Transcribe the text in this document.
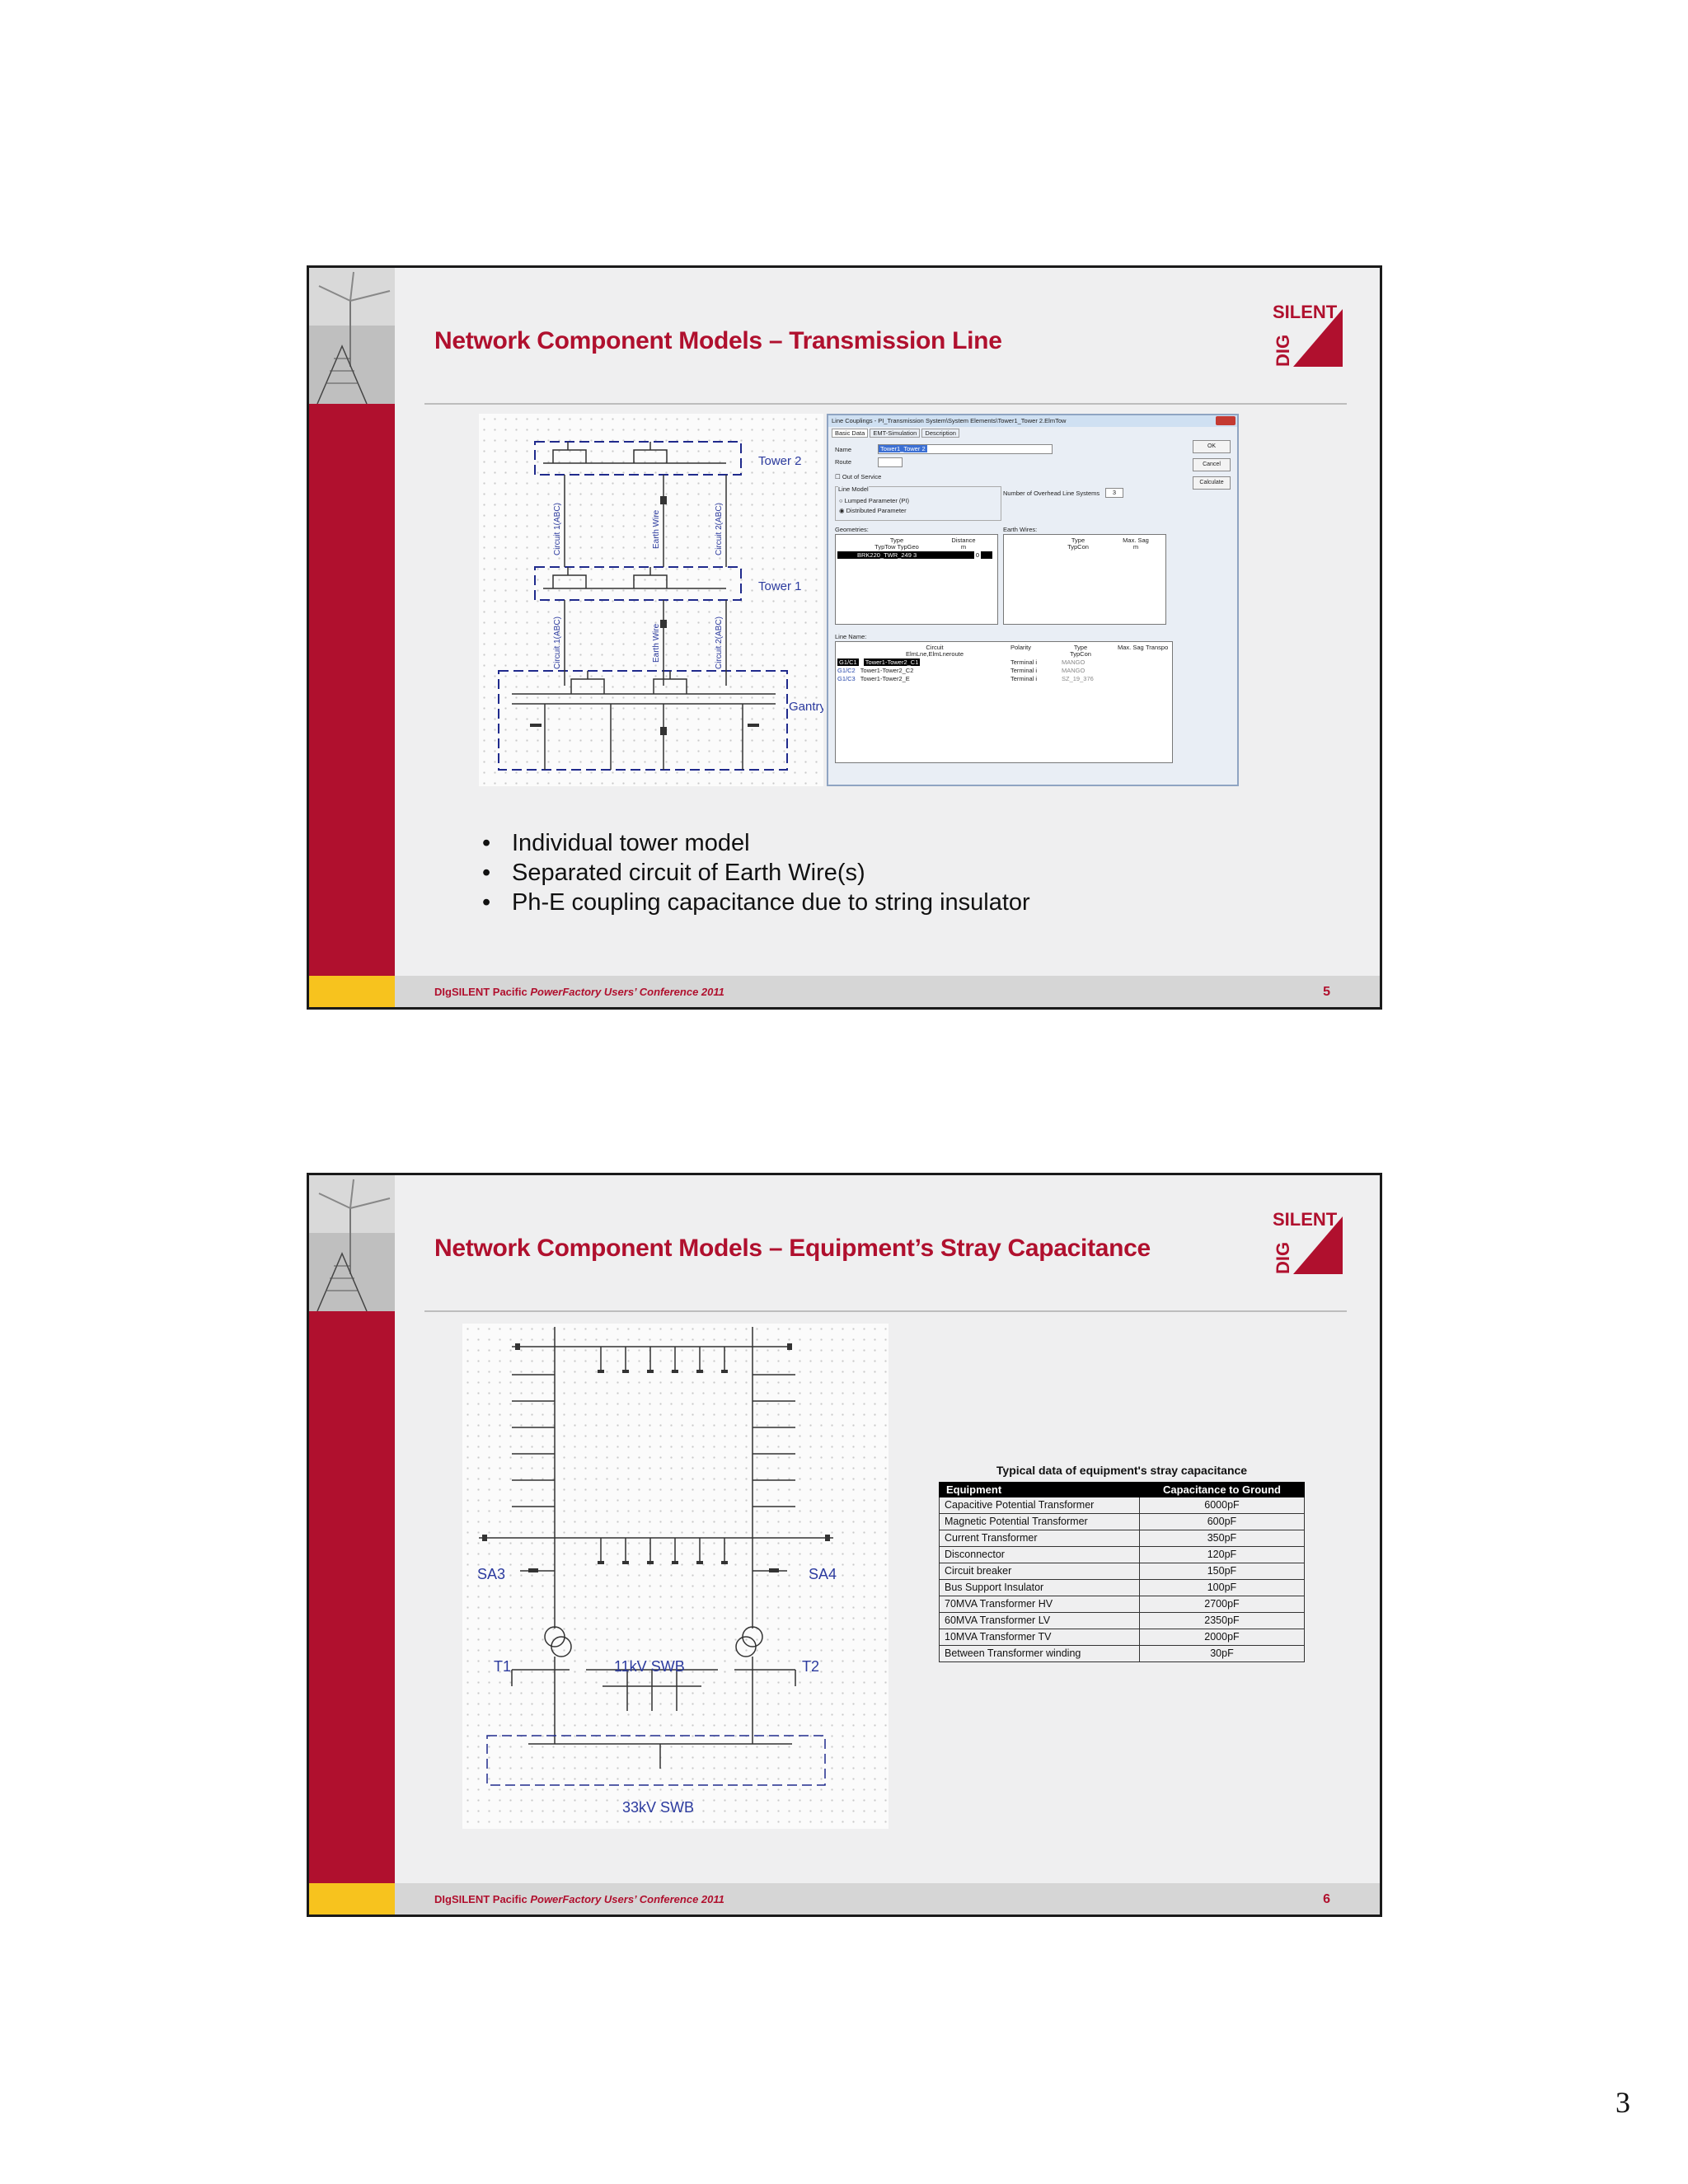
Network Component Models – Transmission Line
SILENT
DIG
Tower 2
Tower 1
Gantry
Circuit 1(ABC)	Earth Wire	Circuit 2(ABC)
Circuit 1(ABC)	Earth Wire	Circuit 2(ABC)
Line Couplings - PI_Transmission System\System Elements\Tower1_Tower 2.ElmTow
Basic Data EMT-Simulation Description
OK
Cancel
Calculate
Name	Tower1_Tower 2
Route
☐ Out of Service
Line Model
○ Lumped Parameter (PI)
◉ Distributed Parameter
Number of Overhead Line Systems	3
Geometries:	Earth Wires:
Type
TypTow TypGeo
Distance
m
BRK220_TWR_249 3	0
Type
TypCon
Max. Sag
m
Line Name:
Circuit
ElmLne,ElmLneroute
Polarity	Type
TypCon
Max. Sag Transpo
G1/C1 Tower1-Tower2_C1	Terminal i	MANGO
G1/C2 Tower1-Tower2_C2	Terminal i	MANGO
G1/C3 Tower1-Tower2_E	Terminal i	SZ_19_376
• Individual tower model
• Separated circuit of Earth Wire(s)
• Ph-E coupling capacitance due to string insulator
DIgSILENT Pacific PowerFactory Users’ Conference 2011	5
Network Component Models – Equipment’s Stray Capacitance
SILENT
DIG
SA3	SA4
T1	T2
11kV SWB
33kV SWB
Typical data of equipment's stray capacitance
Equipment	Capacitance to Ground
Capacitive Potential Transformer	6000pF
Magnetic Potential Transformer	600pF
Current Transformer	350pF
Disconnector	120pF
Circuit breaker	150pF
Bus Support Insulator	100pF
70MVA Transformer HV	2700pF
60MVA Transformer LV	2350pF
10MVA Transformer TV	2000pF
Between Transformer winding	30pF
DIgSILENT Pacific PowerFactory Users’ Conference 2011	6
3
